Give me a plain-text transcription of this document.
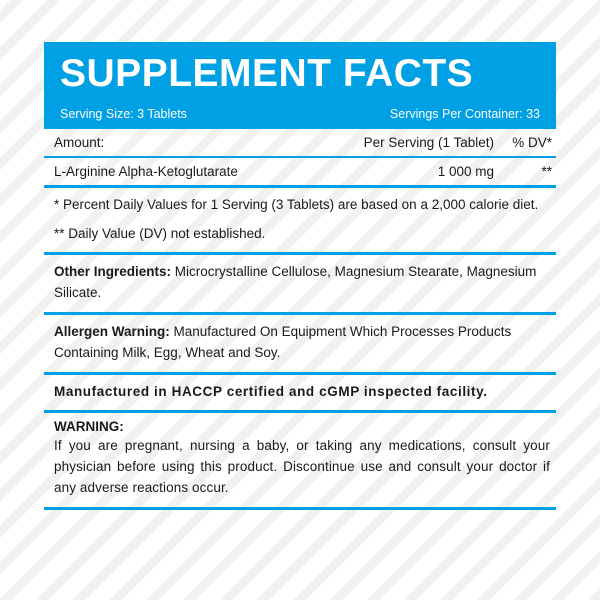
SUPPLEMENT FACTS
Serving Size: 3 Tablets	Servings Per Container: 33
Amount:	Per Serving (1 Tablet)	% DV*
L-Arginine Alpha-Ketoglutarate	1 000 mg	**
* Percent Daily Values for 1 Serving (3 Tablets) are based on a 2,000 calorie diet.
** Daily Value (DV) not established.
Other Ingredients: Microcrystalline Cellulose, Magnesium Stearate, Magnesium Silicate.
Allergen Warning: Manufactured On Equipment Which Processes Products Containing Milk, Egg, Wheat and Soy.
Manufactured in HACCP certified and cGMP inspected facility.
WARNING:
If you are pregnant, nursing a baby, or taking any medications, consult your physician before using this product. Discontinue use and consult your doctor if any adverse reactions occur.
